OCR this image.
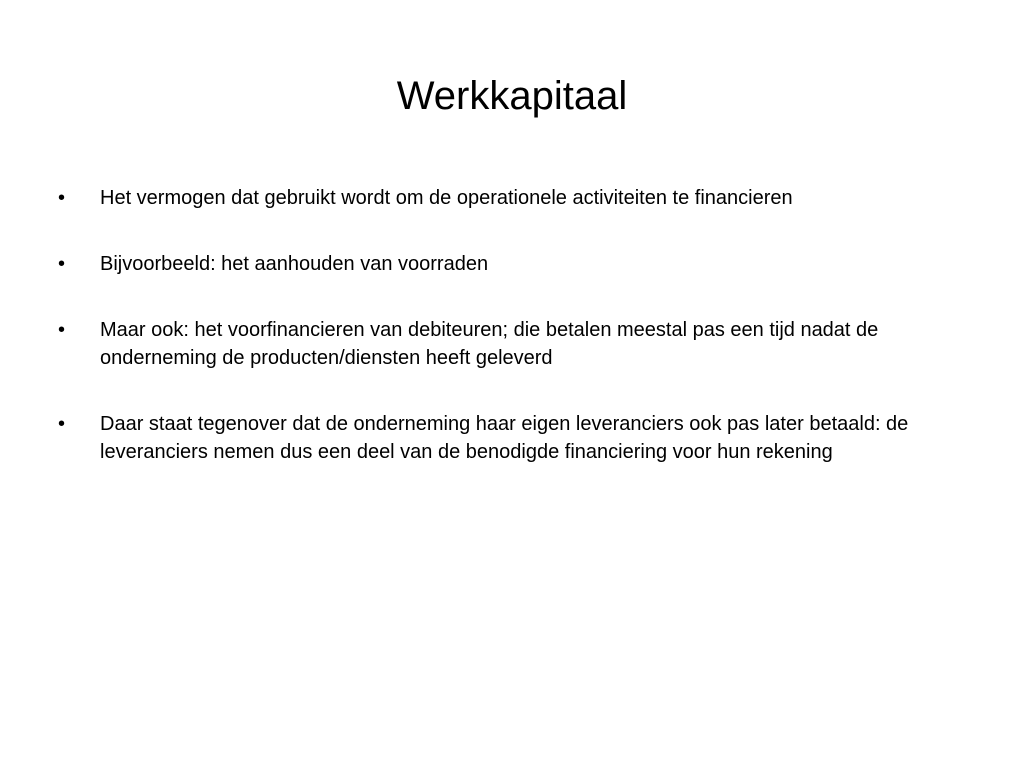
Werkkapitaal
•	Het vermogen dat gebruikt wordt om de operationele activiteiten te financieren
•	Bijvoorbeeld: het aanhouden van voorraden
•	Maar ook: het voorfinancieren van debiteuren; die betalen meestal pas een tijd nadat de onderneming de producten/diensten heeft geleverd
•	Daar staat tegenover dat de onderneming haar eigen leveranciers ook pas later betaald: de leveranciers nemen dus een deel van de benodigde financiering voor hun rekening
